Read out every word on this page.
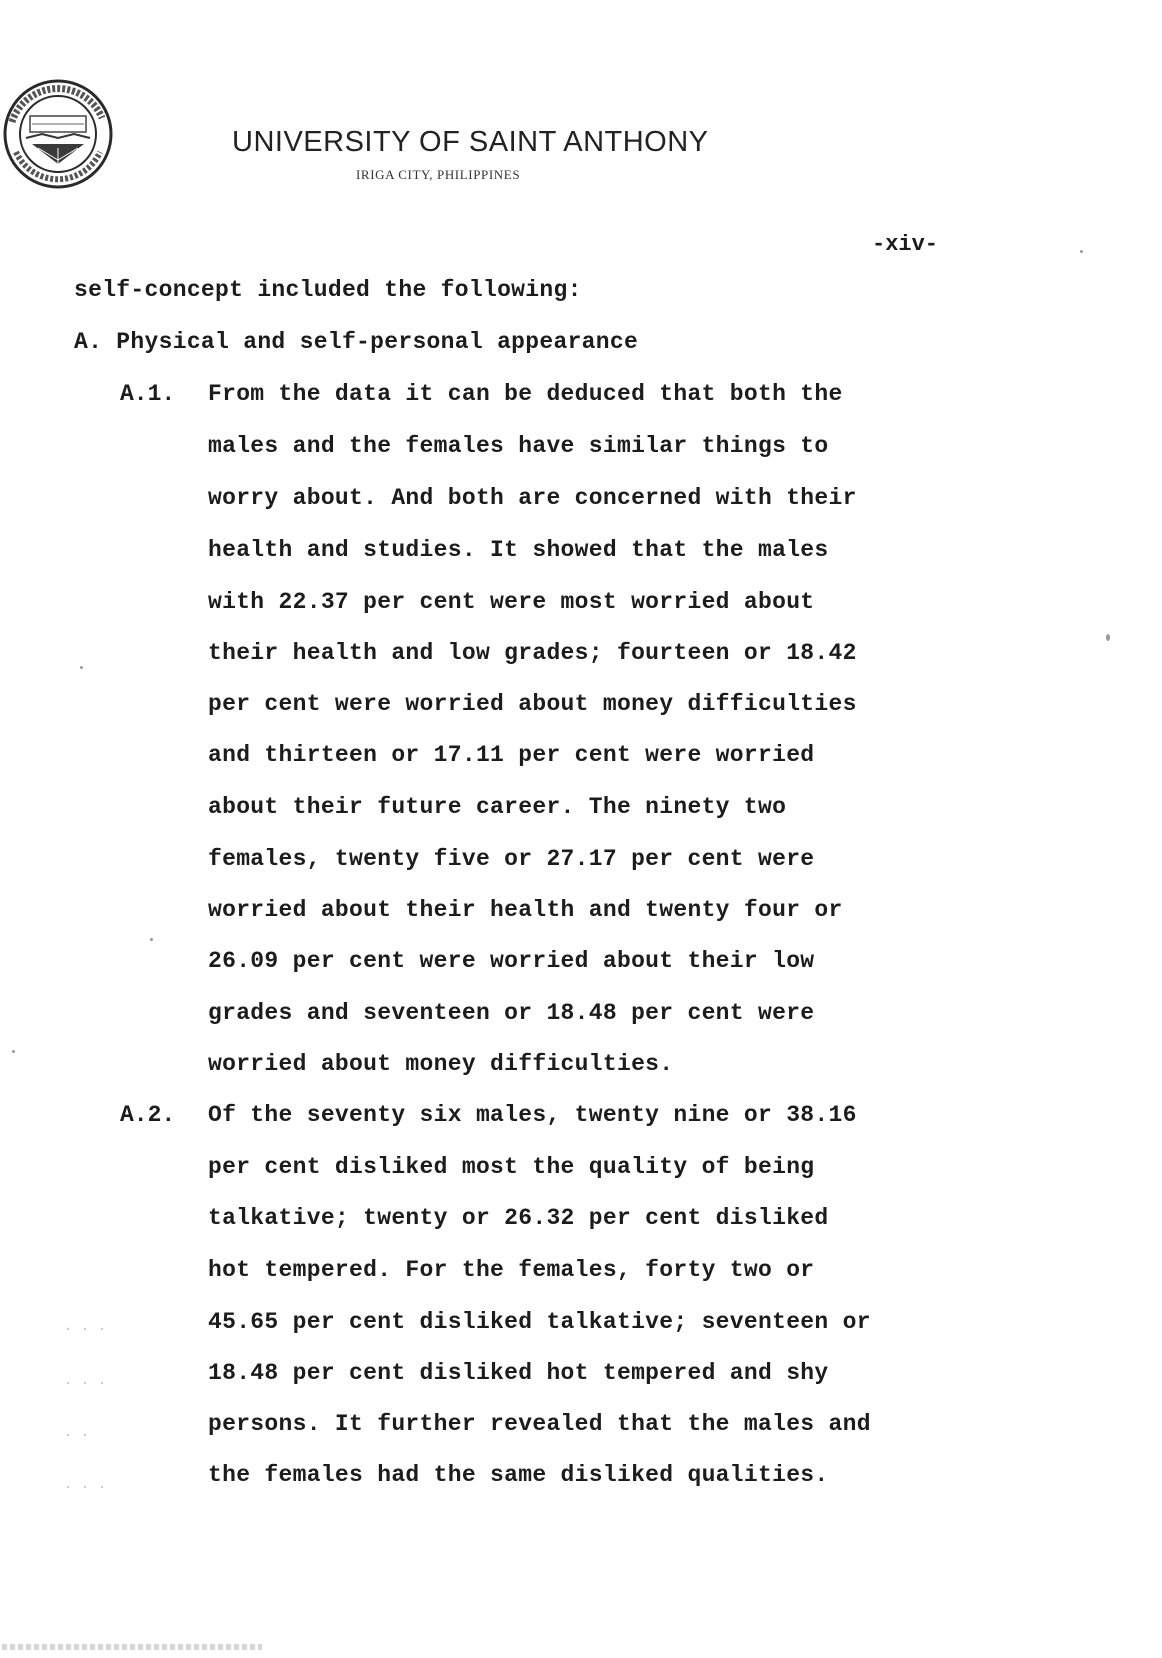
UNIVERSITY OF SAINT ANTHONY
IRIGA CITY, PHILIPPINES
-xiv-
self-concept included the following:
A. Physical and self-personal appearance
A.1. From the data it can be deduced that both the
males and the females have similar things to
worry about. And both are concerned with their
health and studies. It showed that the males
with 22.37 per cent were most worried about
their health and low grades; fourteen or 18.42
per cent were worried about money difficulties
and thirteen or 17.11 per cent were worried
about their future career. The ninety two
females, twenty five or 27.17 per cent were
worried about their health and twenty four or
26.09 per cent were worried about their low
grades and seventeen or 18.48 per cent were
worried about money difficulties.
A.2. Of the seventy six males, twenty nine or 38.16
per cent disliked most the quality of being
talkative; twenty or 26.32 per cent disliked
hot tempered. For the females, forty two or
45.65 per cent disliked talkative; seventeen or
18.48 per cent disliked hot tempered and shy
persons. It further revealed that the males and
the females had the same disliked qualities.
· · ·
· · ·
· ·
· · ·
